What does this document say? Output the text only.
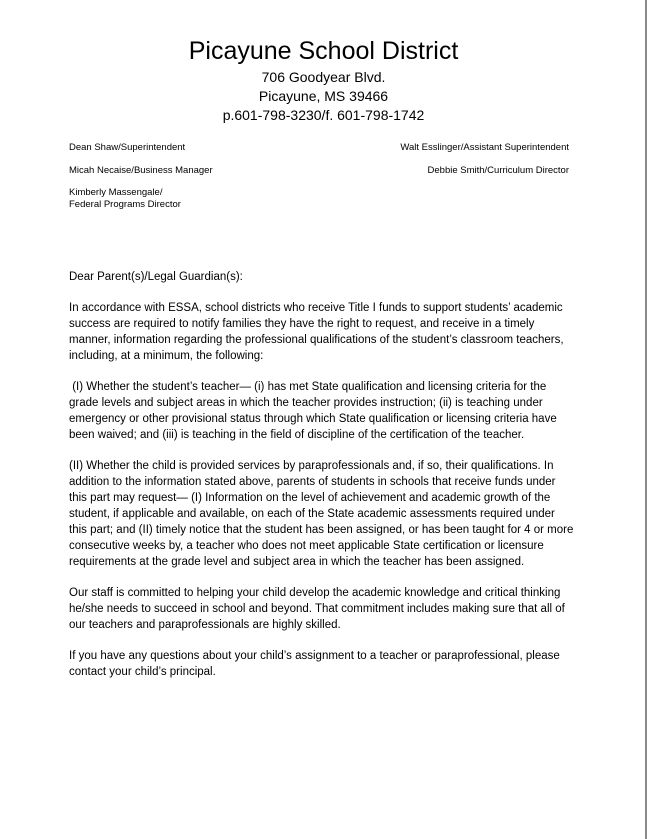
Picayune School District
706 Goodyear Blvd.
Picayune, MS 39466
p.601-798-3230/f. 601-798-1742
Dean Shaw/Superintendent	Walt Esslinger/Assistant Superintendent
Micah Necaise/Business Manager	Debbie Smith/Curriculum Director
Kimberly Massengale/
Federal Programs Director

Dear Parent(s)/Legal Guardian(s):

In accordance with ESSA, school districts who receive Title I funds to support students’ academic success are required to notify families they have the right to request, and receive in a timely manner, information regarding the professional qualifications of the student’s classroom teachers, including, at a minimum, the following:

(I) Whether the student’s teacher— (i) has met State qualification and licensing criteria for the grade levels and subject areas in which the teacher provides instruction; (ii) is teaching under emergency or other provisional status through which State qualification or licensing criteria have been waived; and (iii) is teaching in the field of discipline of the certification of the teacher.

(II) Whether the child is provided services by paraprofessionals and, if so, their qualifications. In addition to the information stated above, parents of students in schools that receive funds under this part may request— (I) Information on the level of achievement and academic growth of the student, if applicable and available, on each of the State academic assessments required under this part; and (II) timely notice that the student has been assigned, or has been taught for 4 or more consecutive weeks by, a teacher who does not meet applicable State certification or licensure requirements at the grade level and subject area in which the teacher has been assigned.

Our staff is committed to helping your child develop the academic knowledge and critical thinking he/she needs to succeed in school and beyond. That commitment includes making sure that all of our teachers and paraprofessionals are highly skilled.

If you have any questions about your child’s assignment to a teacher or paraprofessional, please contact your child’s principal.
